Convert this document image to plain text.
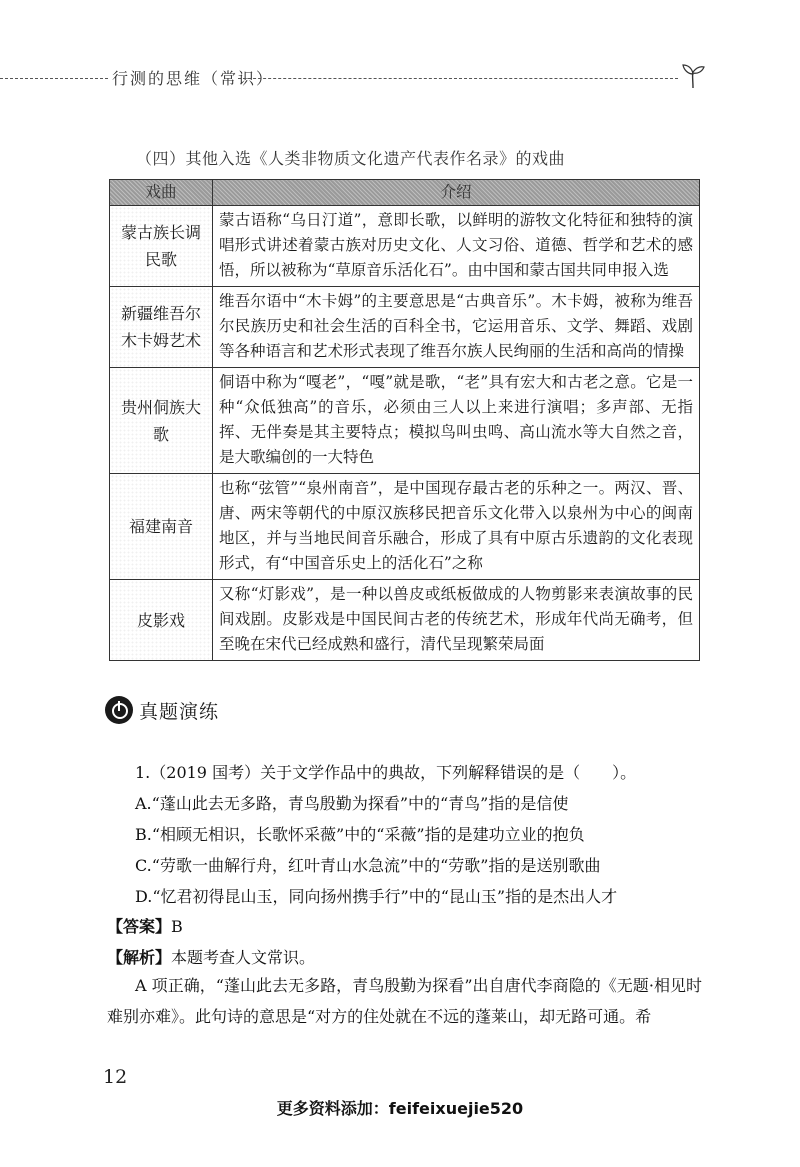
行测的思维（常识）
（四）其他入选《人类非物质文化遗产代表作名录》的戏曲
戏曲	介绍
蒙古族长调民歌	蒙古语称“乌日汀道”，意即长歌，以鲜明的游牧文化特征和独特的演唱形式讲述着蒙古族对历史文化、人文习俗、道德、哲学和艺术的感悟，所以被称为“草原音乐活化石”。由中国和蒙古国共同申报入选
新疆维吾尔木卡姆艺术	维吾尔语中“木卡姆”的主要意思是“古典音乐”。木卡姆，被称为维吾尔民族历史和社会生活的百科全书，它运用音乐、文学、舞蹈、戏剧等各种语言和艺术形式表现了维吾尔族人民绚丽的生活和高尚的情操
贵州侗族大歌	侗语中称为“嘎老”，“嘎”就是歌，“老”具有宏大和古老之意。它是一种“众低独高”的音乐，必须由三人以上来进行演唱；多声部、无指挥、无伴奏是其主要特点；模拟鸟叫虫鸣、高山流水等大自然之音，是大歌编创的一大特色
福建南音	也称“弦管”“泉州南音”，是中国现存最古老的乐种之一。两汉、晋、唐、两宋等朝代的中原汉族移民把音乐文化带入以泉州为中心的闽南地区，并与当地民间音乐融合，形成了具有中原古乐遗韵的文化表现形式，有“中国音乐史上的活化石”之称
皮影戏	又称“灯影戏”，是一种以兽皮或纸板做成的人物剪影来表演故事的民间戏剧。皮影戏是中国民间古老的传统艺术，形成年代尚无确考，但至晚在宋代已经成熟和盛行，清代呈现繁荣局面
真题演练
1.（2019 国考）关于文学作品中的典故，下列解释错误的是（　　）。
A.“蓬山此去无多路，青鸟殷勤为探看”中的“青鸟”指的是信使
B.“相顾无相识，长歌怀采薇”中的“采薇”指的是建功立业的抱负
C.“劳歌一曲解行舟，红叶青山水急流”中的“劳歌”指的是送别歌曲
D.“忆君初得昆山玉，同向扬州携手行”中的“昆山玉”指的是杰出人才
【答案】B
【解析】本题考查人文常识。
A 项正确，“蓬山此去无多路，青鸟殷勤为探看”出自唐代李商隐的《无题·相见时难别亦难》。此句诗的意思是“对方的住处就在不远的蓬莱山，却无路可通。希
12
更多资料添加：feifeixuejie520
